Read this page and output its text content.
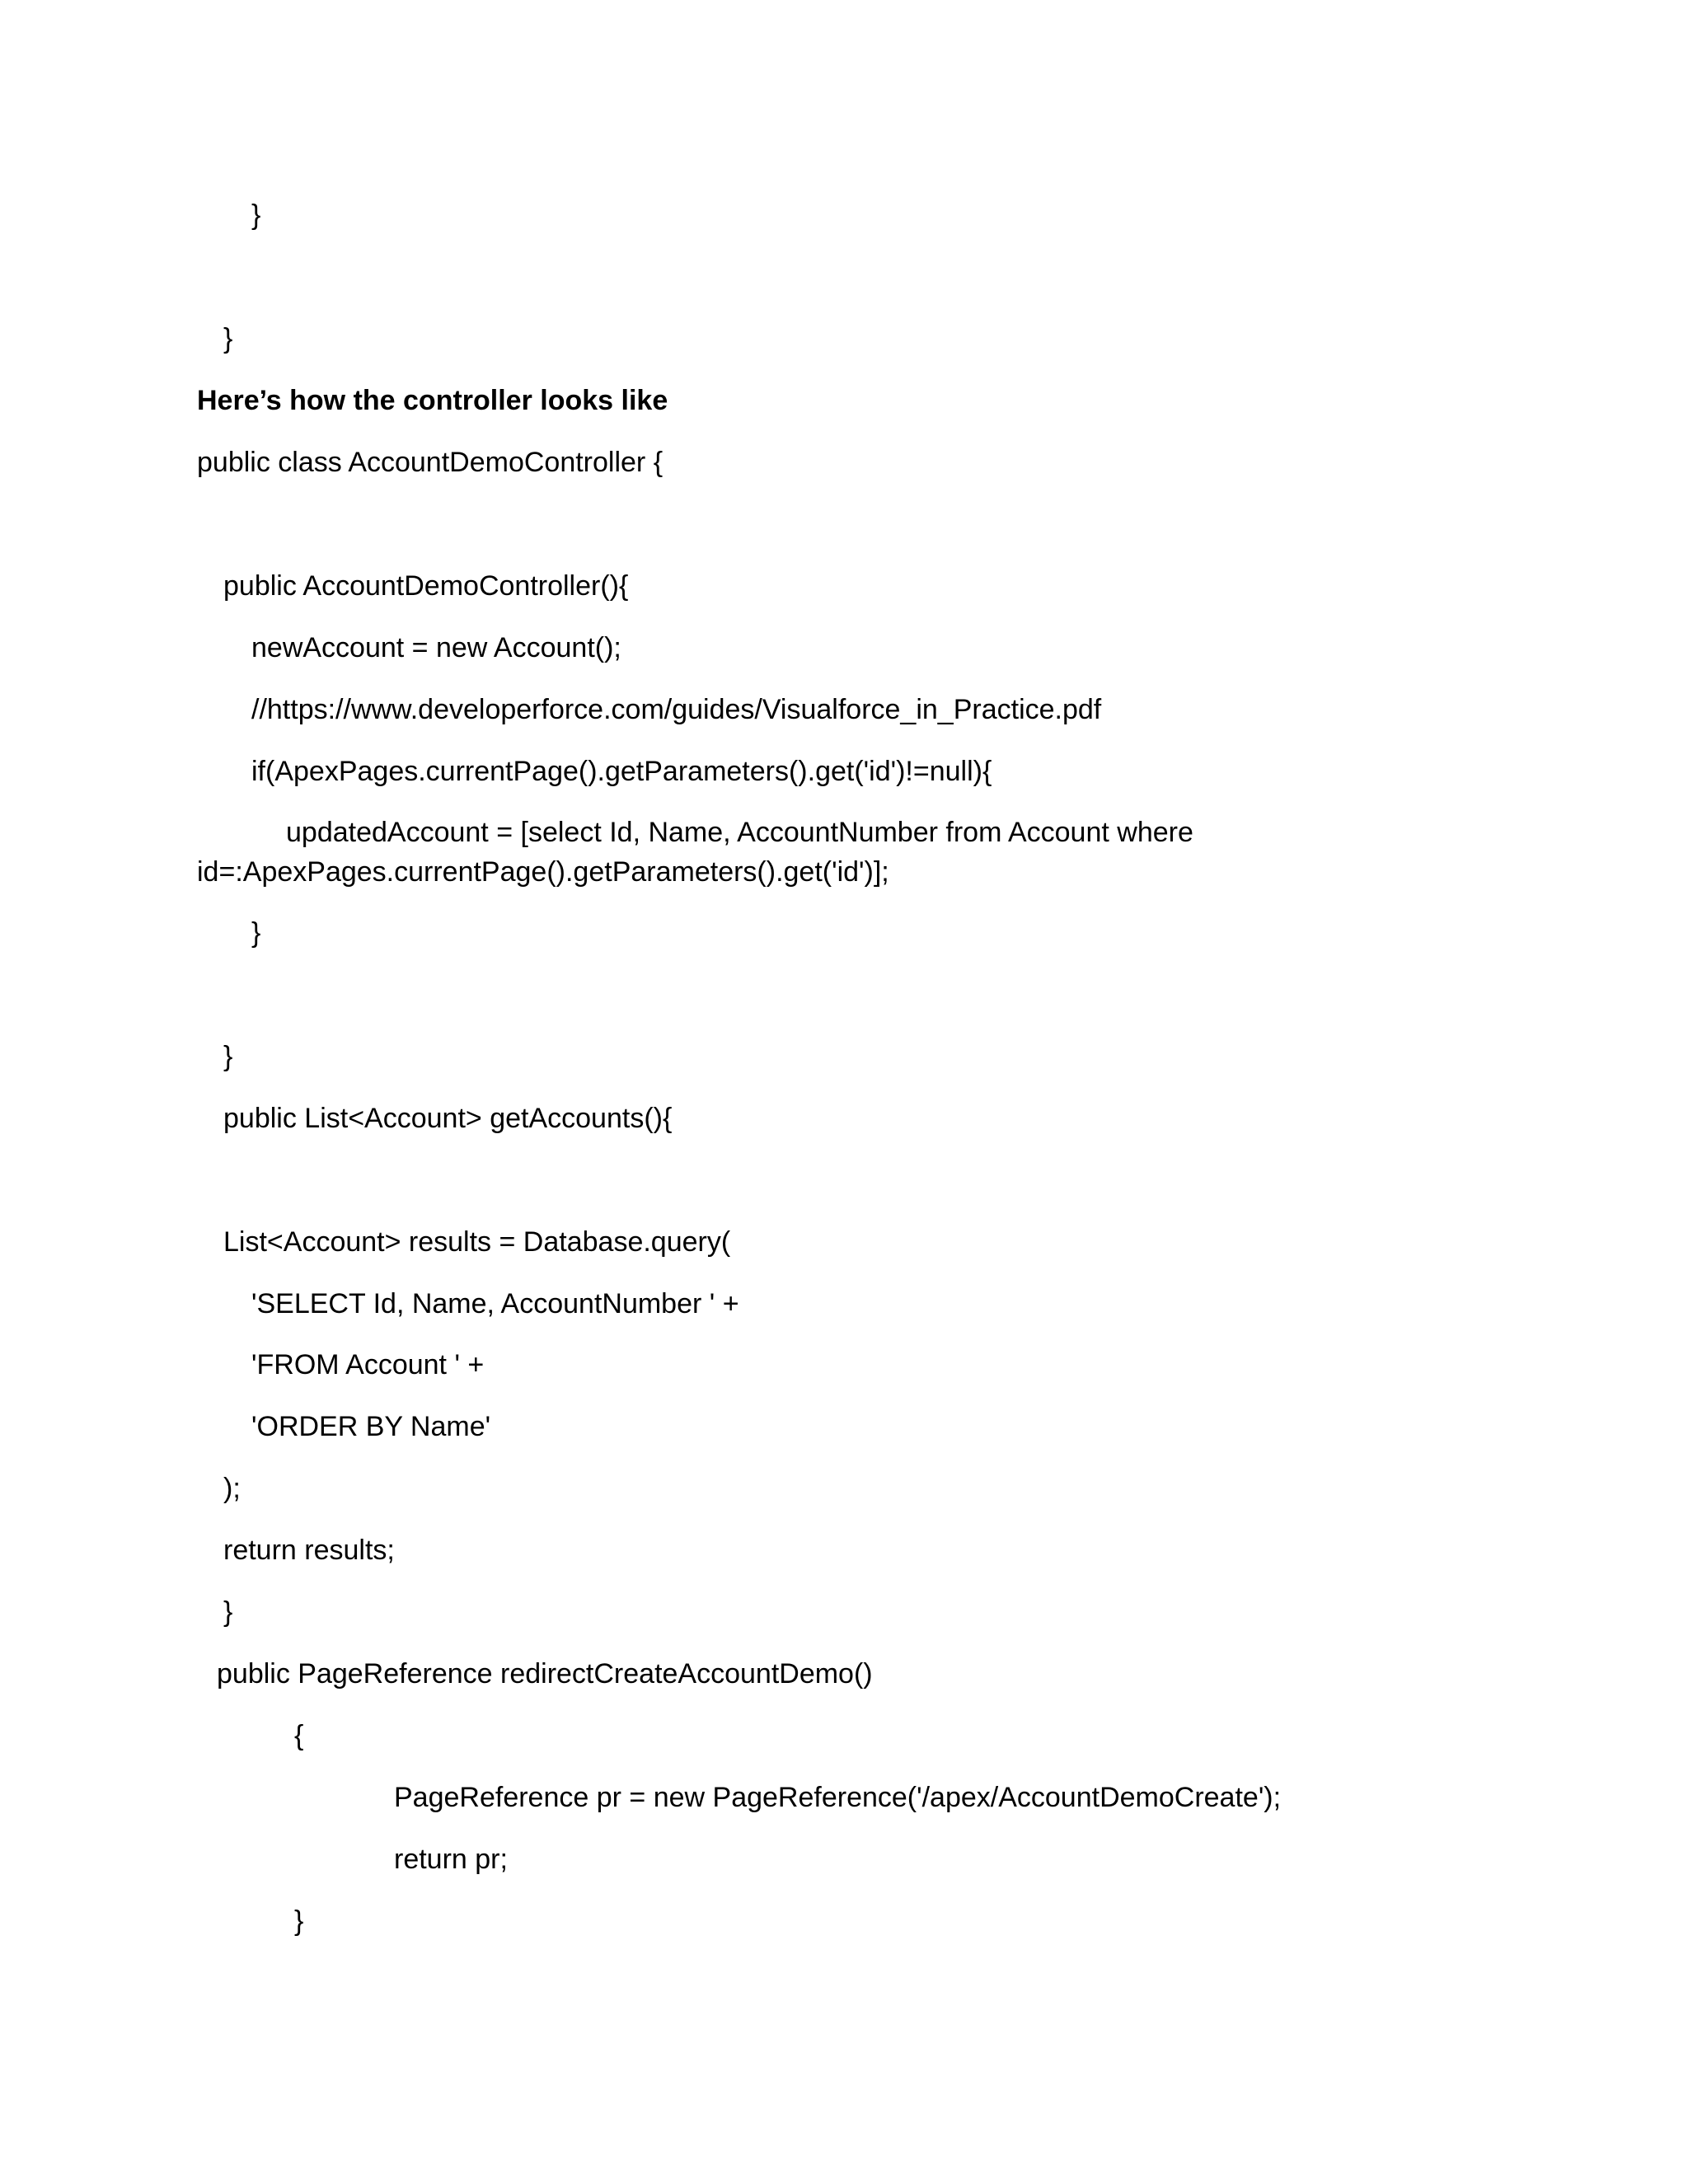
}
}
Here’s how the controller looks like
public class AccountDemoController {
public AccountDemoController(){
newAccount = new Account();
//https://www.developerforce.com/guides/Visualforce_in_Practice.pdf
if(ApexPages.currentPage().getParameters().get('id')!=null){
updatedAccount = [select Id, Name, AccountNumber from Account where
id=:ApexPages.currentPage().getParameters().get('id')];
}
}
public List<Account> getAccounts(){
List<Account> results = Database.query(
'SELECT Id, Name, AccountNumber ' +
'FROM Account ' +
'ORDER BY Name'
);
return results;
}
public PageReference redirectCreateAccountDemo()
{
PageReference pr = new PageReference('/apex/AccountDemoCreate');
return pr;
}
